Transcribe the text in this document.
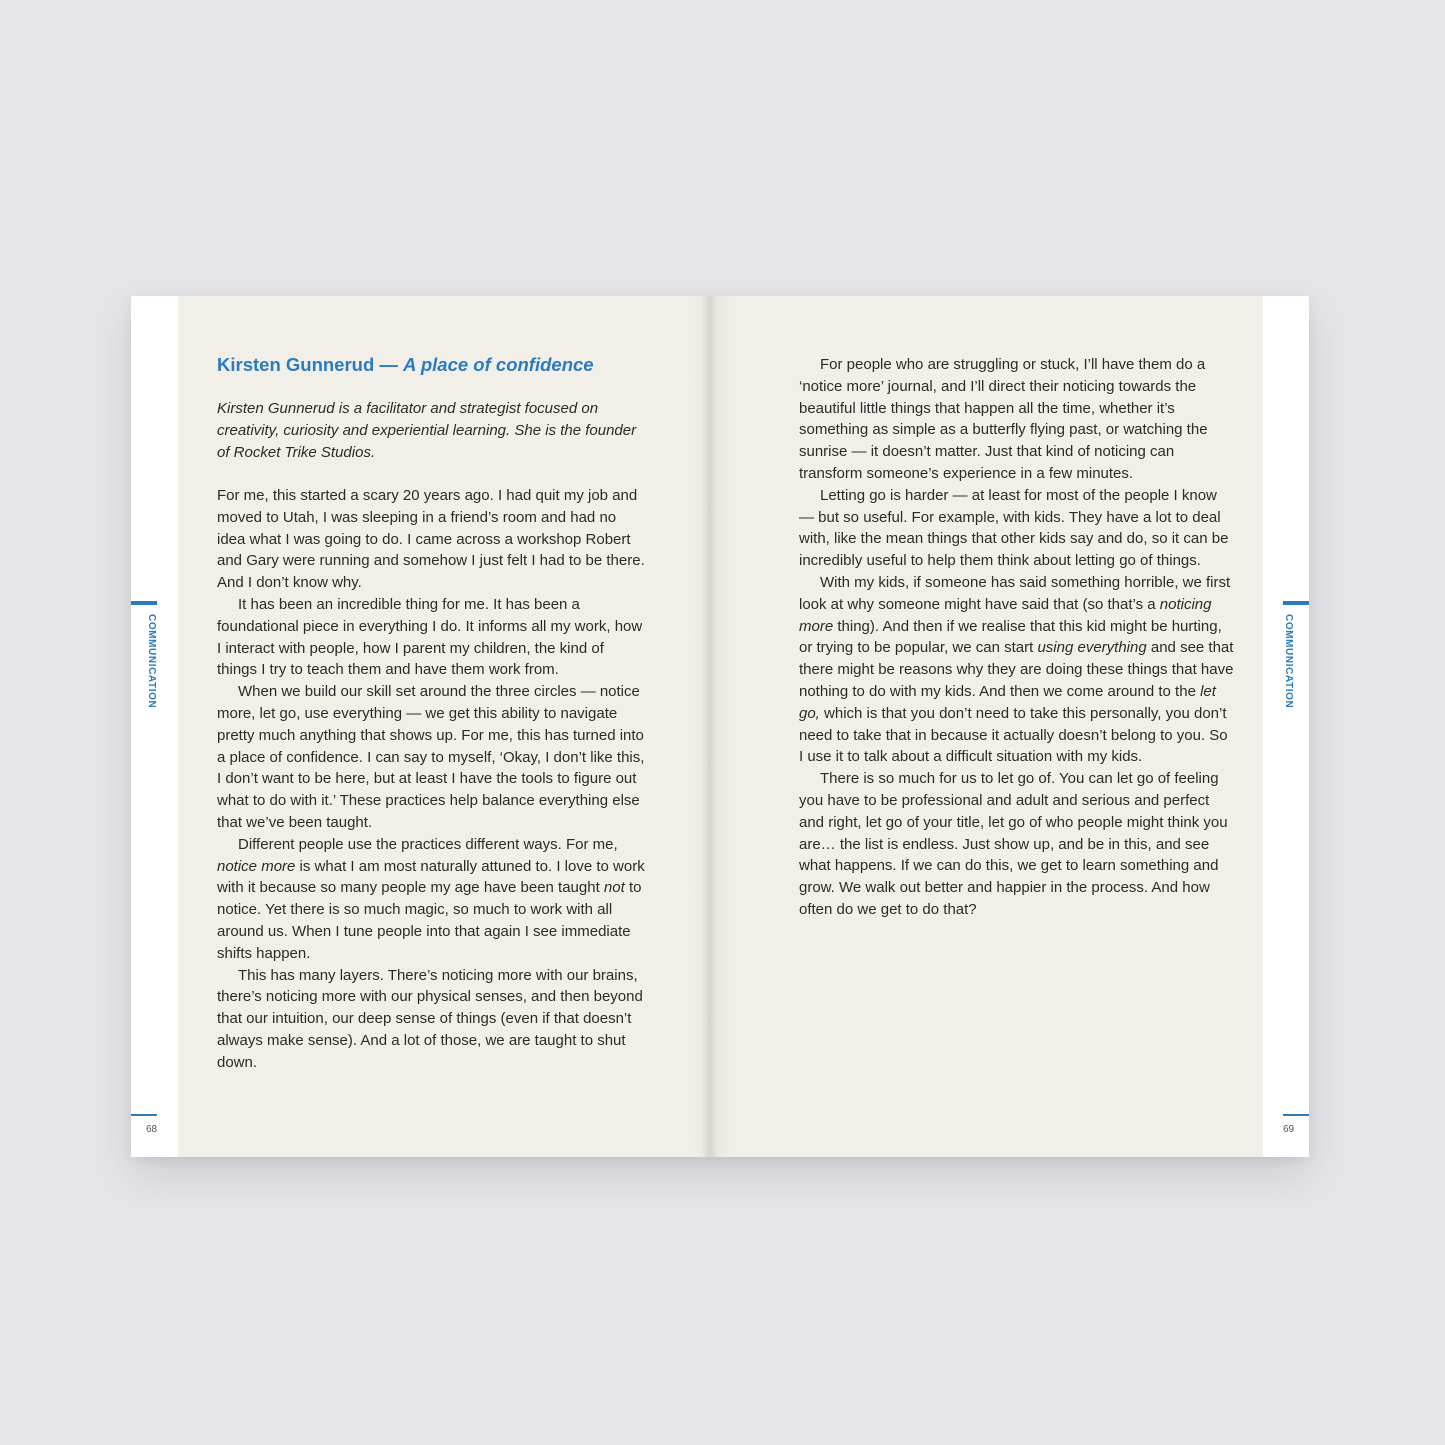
COMMUNICATION
68
Kirsten Gunnerud — A place of confidence

Kirsten Gunnerud is a facilitator and strategist focused on creativity, curiosity and experiential learning. She is the founder of Rocket Trike Studios.

For me, this started a scary 20 years ago. I had quit my job and moved to Utah, I was sleeping in a friend’s room and had no idea what I was going to do. I came across a workshop Robert and Gary were running and somehow I just felt I had to be there. And I don’t know why.

It has been an incredible thing for me. It has been a foundational piece in everything I do. It informs all my work, how I interact with people, how I parent my children, the kind of things I try to teach them and have them work from.

When we build our skill set around the three circles — notice more, let go, use everything — we get this ability to navigate pretty much anything that shows up. For me, this has turned into a place of confidence. I can say to myself, ‘Okay, I don’t like this, I don’t want to be here, but at least I have the tools to figure out what to do with it.’ These practices help balance everything else that we’ve been taught.

Different people use the practices different ways. For me, notice more is what I am most naturally attuned to. I love to work with it because so many people my age have been taught not to notice. Yet there is so much magic, so much to work with all around us. When I tune people into that again I see immediate shifts happen.

This has many layers. There’s noticing more with our brains, there’s noticing more with our physical senses, and then beyond that our intuition, our deep sense of things (even if that doesn’t always make sense). And a lot of those, we are taught to shut down.

For people who are struggling or stuck, I’ll have them do a ‘notice more’ journal, and I’ll direct their noticing towards the beautiful little things that happen all the time, whether it’s something as simple as a butterfly flying past, or watching the sunrise — it doesn’t matter. Just that kind of noticing can transform someone’s experience in a few minutes.

Letting go is harder — at least for most of the people I know — but so useful. For example, with kids. They have a lot to deal with, like the mean things that other kids say and do, so it can be incredibly useful to help them think about letting go of things.

With my kids, if someone has said something horrible, we first look at why someone might have said that (so that’s a noticing more thing). And then if we realise that this kid might be hurting, or trying to be popular, we can start using everything and see that there might be reasons why they are doing these things that have nothing to do with my kids. And then we come around to the let go, which is that you don’t need to take this personally, you don’t need to take that in because it actually doesn’t belong to you. So I use it to talk about a difficult situation with my kids.

There is so much for us to let go of. You can let go of feeling you have to be professional and adult and serious and perfect and right, let go of your title, let go of who people might think you are… the list is endless. Just show up, and be in this, and see what happens. If we can do this, we get to learn something and grow. We walk out better and happier in the process. And how often do we get to do that?

COMMUNICATION
69
